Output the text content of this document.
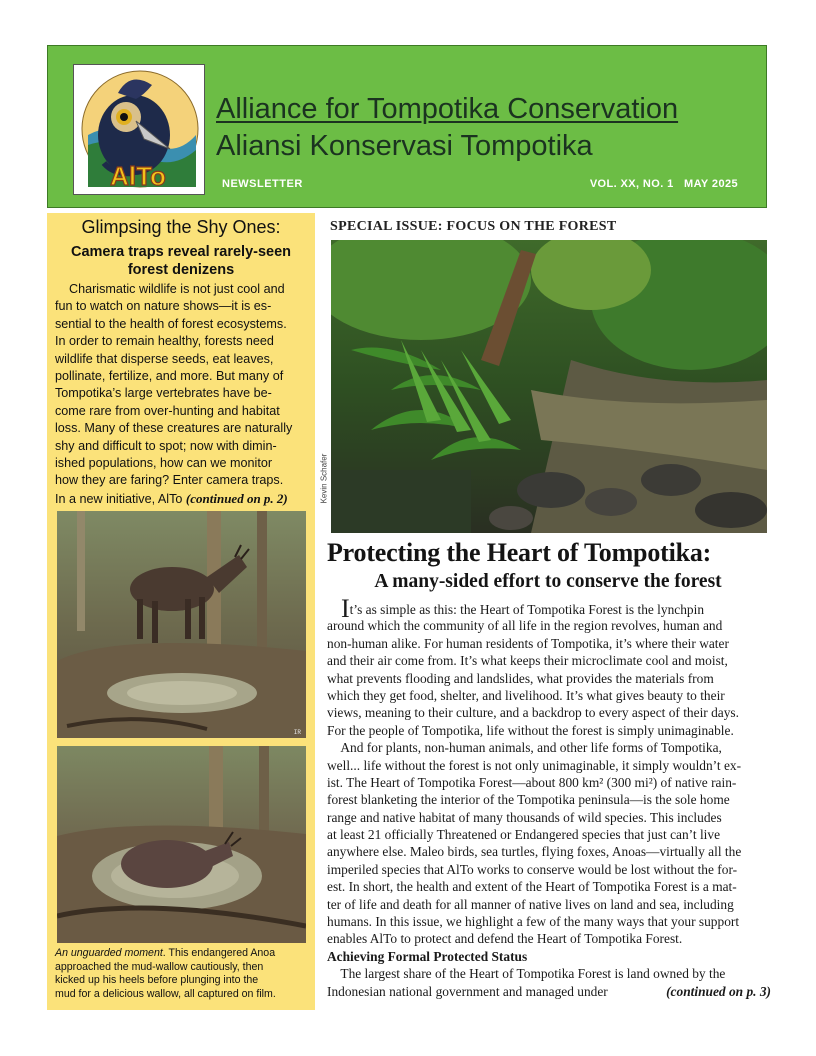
AlTo
Alliance for Tompotika Conservation
Aliansi Konservasi Tompotika
NEWSLETTER	VOL. XX, NO. 1 MAY 2025
Glimpsing the Shy Ones:
Camera traps reveal rarely-seen
forest denizens
Charismatic wildlife is not just cool and
fun to watch on nature shows—it is es-
sential to the health of forest ecosystems.
In order to remain healthy, forests need
wildlife that disperse seeds, eat leaves,
pollinate, fertilize, and more. But many of
Tompotika’s large vertebrates have be-
come rare from over-hunting and habitat
loss. Many of these creatures are naturally
shy and difficult to spot; now with dimin-
ished populations, how can we monitor
how they are faring? Enter camera traps.
In a new initiative, AlTo (continued on p. 2)
IR
An unguarded moment. This endangered Anoa
approached the mud-wallow cautiously, then
kicked up his heels before plunging into the
mud for a delicious wallow, all captured on film.
SPECIAL ISSUE: FOCUS ON THE FOREST
Kevin Schafer
Protecting the Heart of Tompotika:
A many-sided effort to conserve the forest
It’s as simple as this: the Heart of Tompotika Forest is the lynchpin
around which the community of all life in the region revolves, human and
non-human alike. For human residents of Tompotika, it’s where their water
and their air come from. It’s what keeps their microclimate cool and moist,
what prevents flooding and landslides, what provides the materials from
which they get food, shelter, and livelihood. It’s what gives beauty to their
views, meaning to their culture, and a backdrop to every aspect of their days.
For the people of Tompotika, life without the forest is simply unimaginable.
 And for plants, non-human animals, and other life forms of Tompotika,
well... life without the forest is not only unimaginable, it simply wouldn’t ex-
ist. The Heart of Tompotika Forest—about 800 km² (300 mi²) of native rain-
forest blanketing the interior of the Tompotika peninsula—is the sole home
range and native habitat of many thousands of wild species. This includes
at least 21 officially Threatened or Endangered species that just can’t live
anywhere else. Maleo birds, sea turtles, flying foxes, Anoas—virtually all the
imperiled species that AlTo works to conserve would be lost without the for-
est. In short, the health and extent of the Heart of Tompotika Forest is a mat-
ter of life and death for all manner of native lives on land and sea, including
humans. In this issue, we highlight a few of the many ways that your support
enables AlTo to protect and defend the Heart of Tompotika Forest.
Achieving Formal Protected Status
 The largest share of the Heart of Tompotika Forest is land owned by the
Indonesian national government and managed under	(continued on p. 3)
